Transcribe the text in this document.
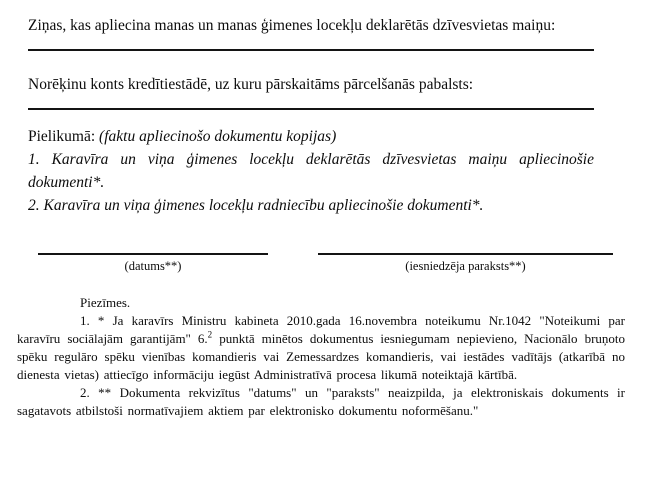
Ziņas, kas apliecina manas un manas ģimenes locekļu deklarētās dzīvesvietas maiņu:

Norēķinu konts kredītiestādē, uz kuru pārskaitāms pārcelšanās pabalsts:

Pielikumā: (faktu apliecinošo dokumentu kopijas)

1. Karavīra un viņa ģimenes locekļu deklarētās dzīvesvietas maiņu apliecinošie dokumenti*.

2. Karavīra un viņa ģimenes locekļu radniecību apliecinošie dokumenti*.

(datums**)	(iesniedzēja paraksts**)

Piezīmes.

1. * Ja karavīrs Ministru kabineta 2010.gada 16.novembra noteikumu Nr.1042 "Noteikumi par karavīru sociālajām garantijām" 6.$^2$ punktā minētos dokumentus iesniegumam nepievieno, Nacionālo bruņoto spēku regulāro spēku vienības komandieris vai Zemessardzes komandieris, vai iestādes vadītājs (atkarībā no dienesta vietas) attiecīgo informāciju iegūst Administratīvā procesa likumā noteiktajā kārtībā.

2. ** Dokumenta rekvizītus "datums" un "paraksts" neaizpilda, ja elektroniskais dokuments ir sagatavots atbilstoši normatīvajiem aktiem par elektronisko dokumentu noformēšanu."
